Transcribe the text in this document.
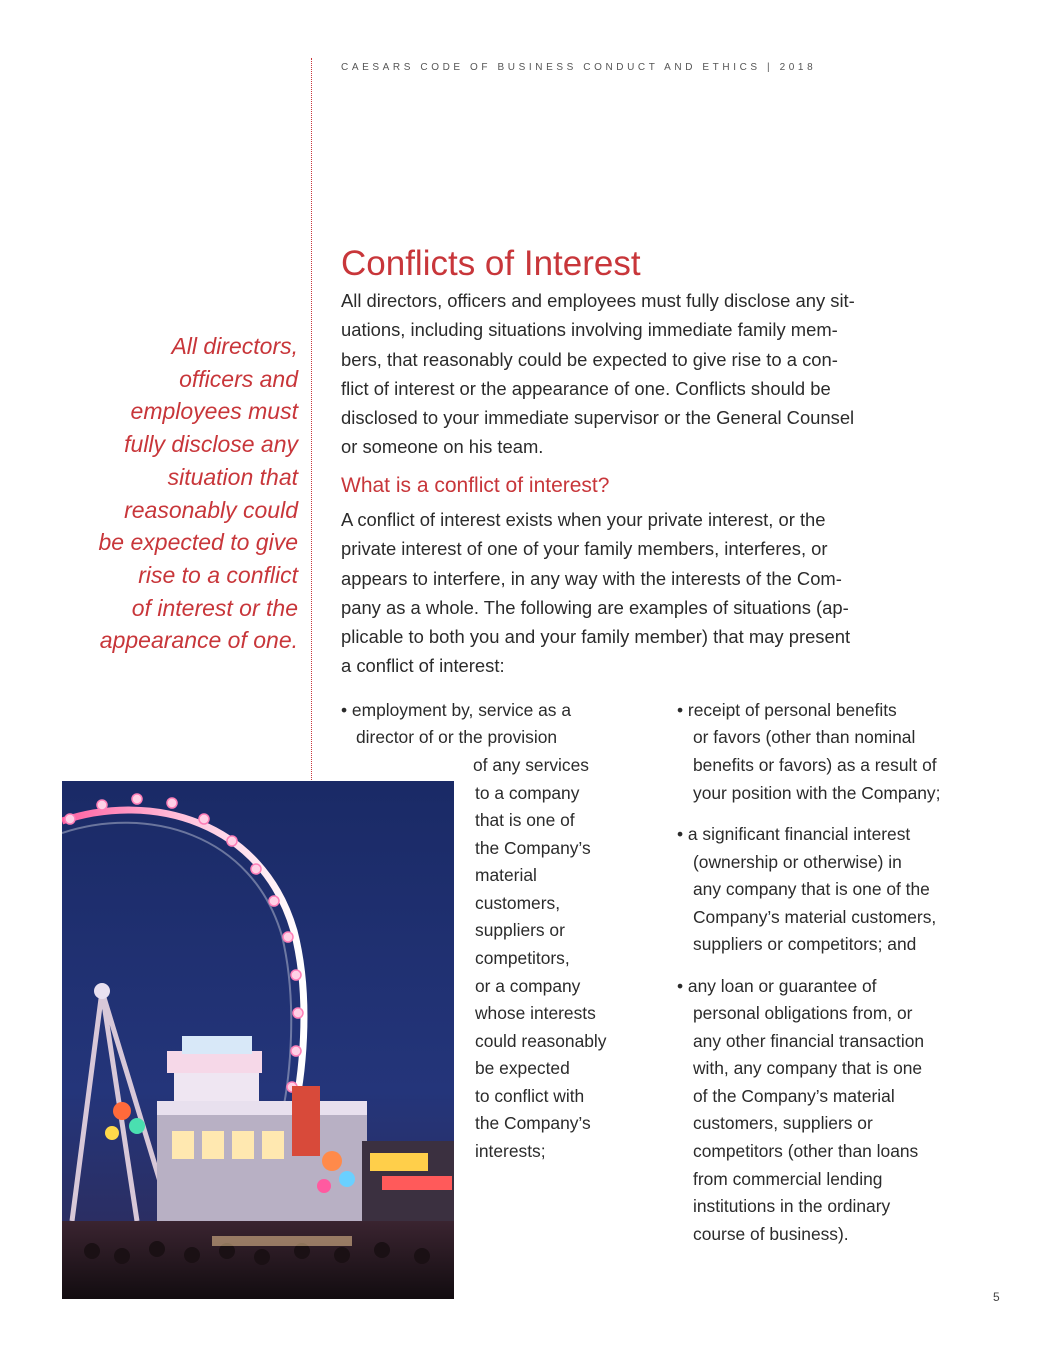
CAESARS CODE OF BUSINESS CONDUCT AND ETHICS | 2018
All directors,
officers and
employees must
fully disclose any
situation that
reasonably could
be expected to give
rise to a conflict
of interest or the
appearance of one.
Conflicts of Interest
All directors, officers and employees must fully disclose any sit-
uations, including situations involving immediate family mem-
bers, that reasonably could be expected to give rise to a con-
flict of interest or the appearance of one. Conflicts should be
disclosed to your immediate supervisor or the General Counsel
or someone on his team.
What is a conflict of interest?
A conflict of interest exists when your private interest, or the
private interest of one of your family members, interferes, or
appears to interfere, in any way with the interests of the Com-
pany as a whole. The following are examples of situations (ap-
plicable to both you and your family member) that may present
a conflict of interest:
• employment by, service as a
director of or the provision
of any services
to a company
that is one of
the Company’s
material
customers,
suppliers or
competitors,
or a company
whose interests
could reasonably
be expected
to conflict with
the Company’s
interests;
• receipt of personal benefits
or favors (other than nominal
benefits or favors) as a result of
your position with the Company;
• a significant financial interest
(ownership or otherwise) in
any company that is one of the
Company’s material customers,
suppliers or competitors; and
• any loan or guarantee of
personal obligations from, or
any other financial transaction
with, any company that is one
of the Company’s material
customers, suppliers or
competitors (other than loans
from commercial lending
institutions in the ordinary
course of business).
5
